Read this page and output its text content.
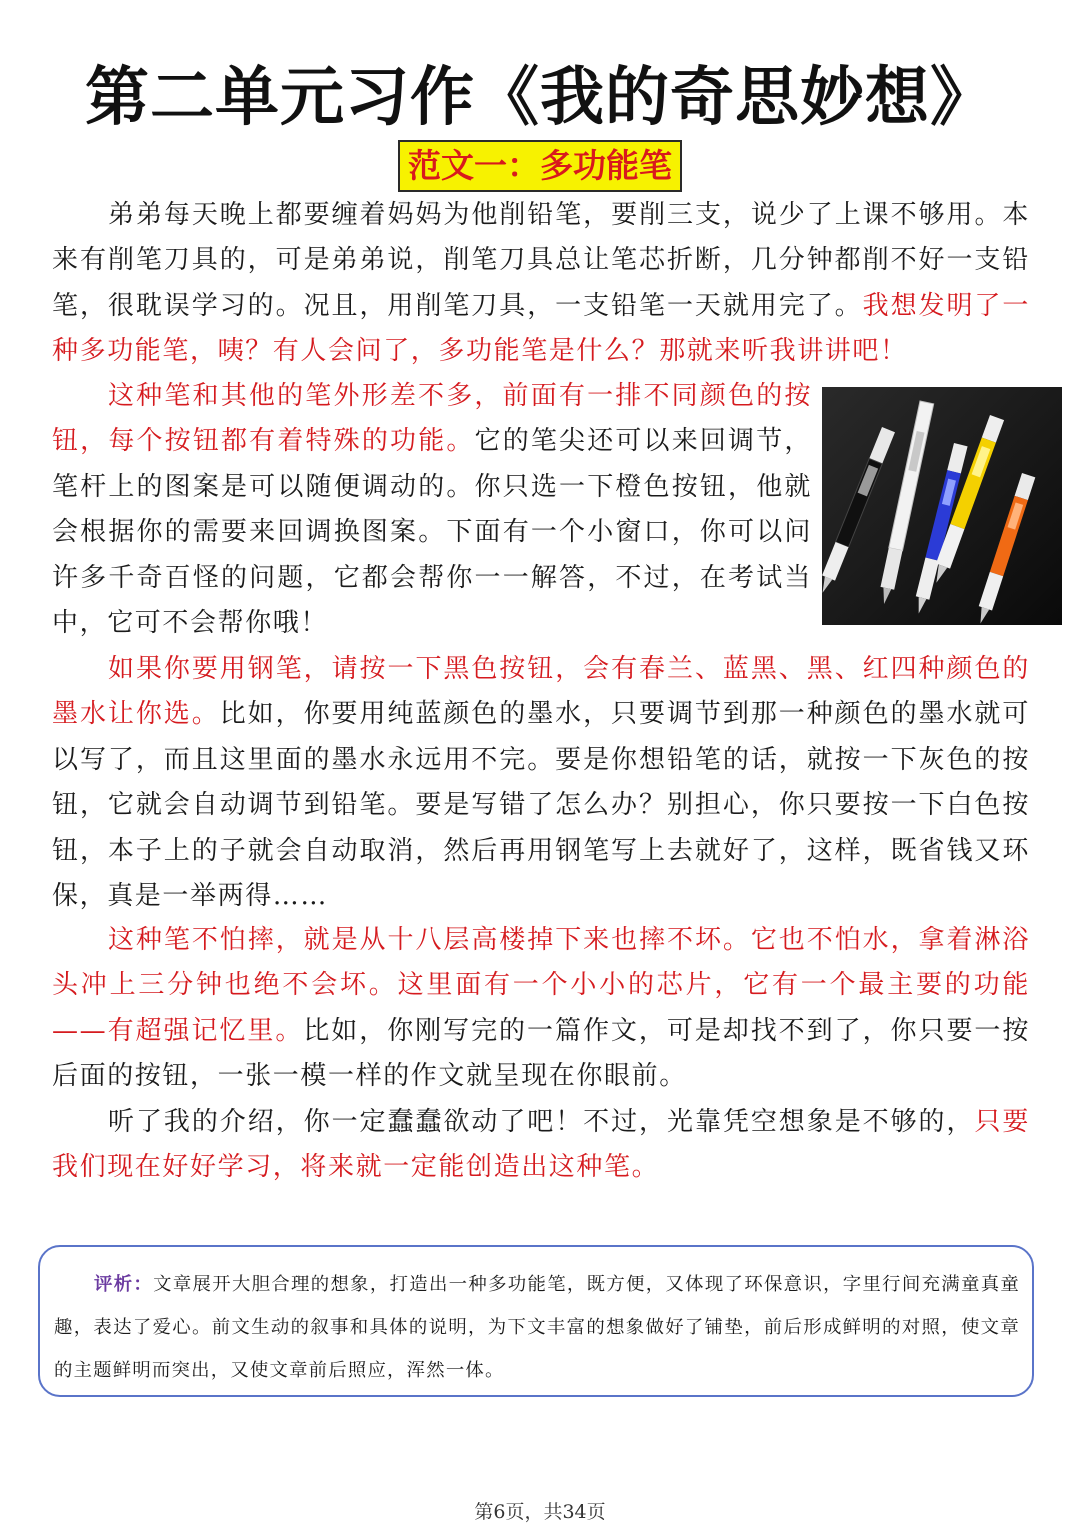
第二单元习作《我的奇思妙想》
范文一：多功能笔

弟弟每天晚上都要缠着妈妈为他削铅笔，要削三支，说少了上课不够用。本来有削笔刀具的，可是弟弟说，削笔刀具总让笔芯折断，几分钟都削不好一支铅笔，很耽误学习的。况且，用削笔刀具，一支铅笔一天就用完了。我想发明了一种多功能笔，咦？有人会问了，多功能笔是什么？那就来听我讲讲吧！

这种笔和其他的笔外形差不多，前面有一排不同颜色的按钮，每个按钮都有着特殊的功能。它的笔尖还可以来回调节，笔杆上的图案是可以随便调动的。你只选一下橙色按钮，他就会根据你的需要来回调换图案。下面有一个小窗口，你可以问许多千奇百怪的问题，它都会帮你一一解答，不过，在考试当中，它可不会帮你哦！

如果你要用钢笔，请按一下黑色按钮，会有春兰、蓝黑、黑、红四种颜色的墨水让你选。比如，你要用纯蓝颜色的墨水，只要调节到那一种颜色的墨水就可以写了，而且这里面的墨水永远用不完。要是你想铅笔的话，就按一下灰色的按钮，它就会自动调节到铅笔。要是写错了怎么办？别担心，你只要按一下白色按钮，本子上的子就会自动取消，然后再用钢笔写上去就好了，这样，既省钱又环保，真是一举两得……

这种笔不怕摔，就是从十八层高楼掉下来也摔不坏。它也不怕水，拿着淋浴头冲上三分钟也绝不会坏。这里面有一个小小的芯片，它有一个最主要的功能——有超强记忆里。比如，你刚写完的一篇作文，可是却找不到了，你只要一按后面的按钮，一张一模一样的作文就呈现在你眼前。

听了我的介绍，你一定蠢蠢欲动了吧！不过，光靠凭空想象是不够的，只要我们现在好好学习，将来就一定能创造出这种笔。

评析：文章展开大胆合理的想象，打造出一种多功能笔，既方便，又体现了环保意识，字里行间充满童真童趣，表达了爱心。前文生动的叙事和具体的说明，为下文丰富的想象做好了铺垫，前后形成鲜明的对照，使文章的主题鲜明而突出，又使文章前后照应，浑然一体。

第6页，共34页
